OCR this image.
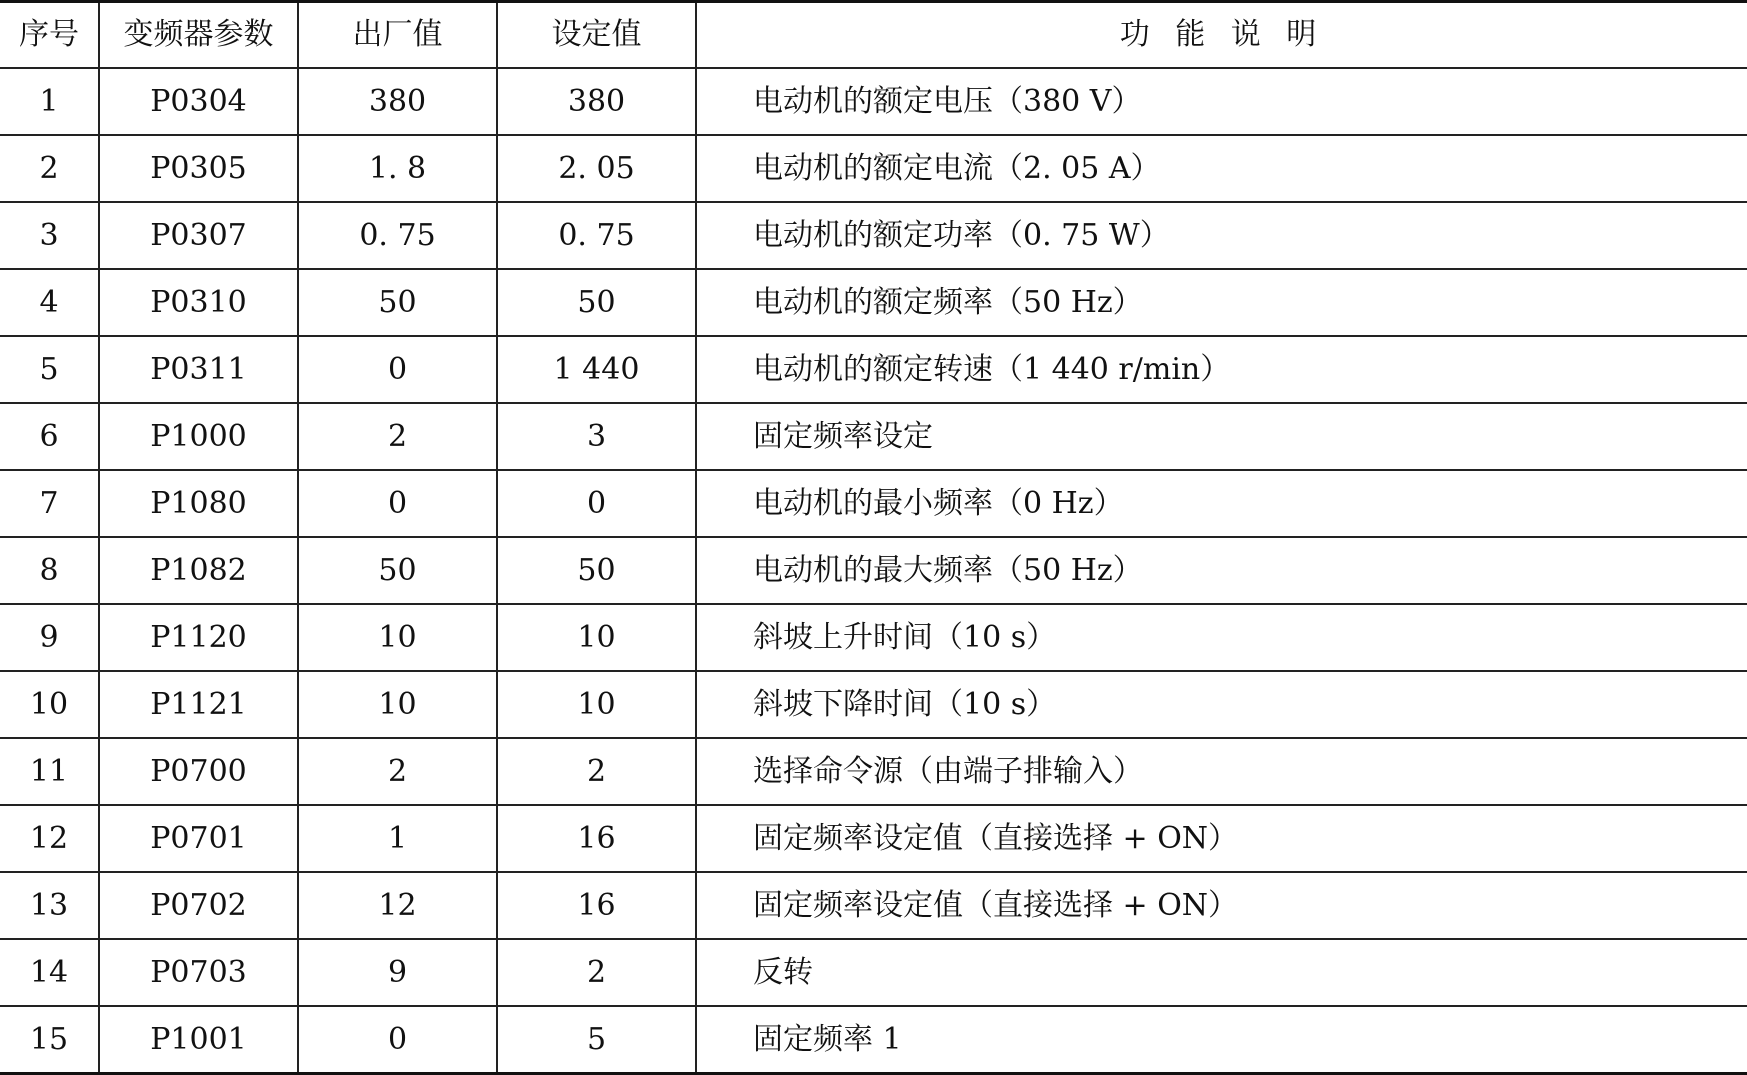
序号	变频器参数	出厂值	设定值	功 能 说 明
1	P0304	380	380	电动机的额定电压（380 V）
2	P0305	1. 8	2. 05	电动机的额定电流（2. 05 A）
3	P0307	0. 75	0. 75	电动机的额定功率（0. 75 W）
4	P0310	50	50	电动机的额定频率（50 Hz）
5	P0311	0	1 440	电动机的额定转速（1 440 r/min）
6	P1000	2	3	固定频率设定
7	P1080	0	0	电动机的最小频率（0 Hz）
8	P1082	50	50	电动机的最大频率（50 Hz）
9	P1120	10	10	斜坡上升时间（10 s）
10	P1121	10	10	斜坡下降时间（10 s）
11	P0700	2	2	选择命令源（由端子排输入）
12	P0701	1	16	固定频率设定值（直接选择 + ON）
13	P0702	12	16	固定频率设定值（直接选择 + ON）
14	P0703	9	2	反转
15	P1001	0	5	固定频率 1
